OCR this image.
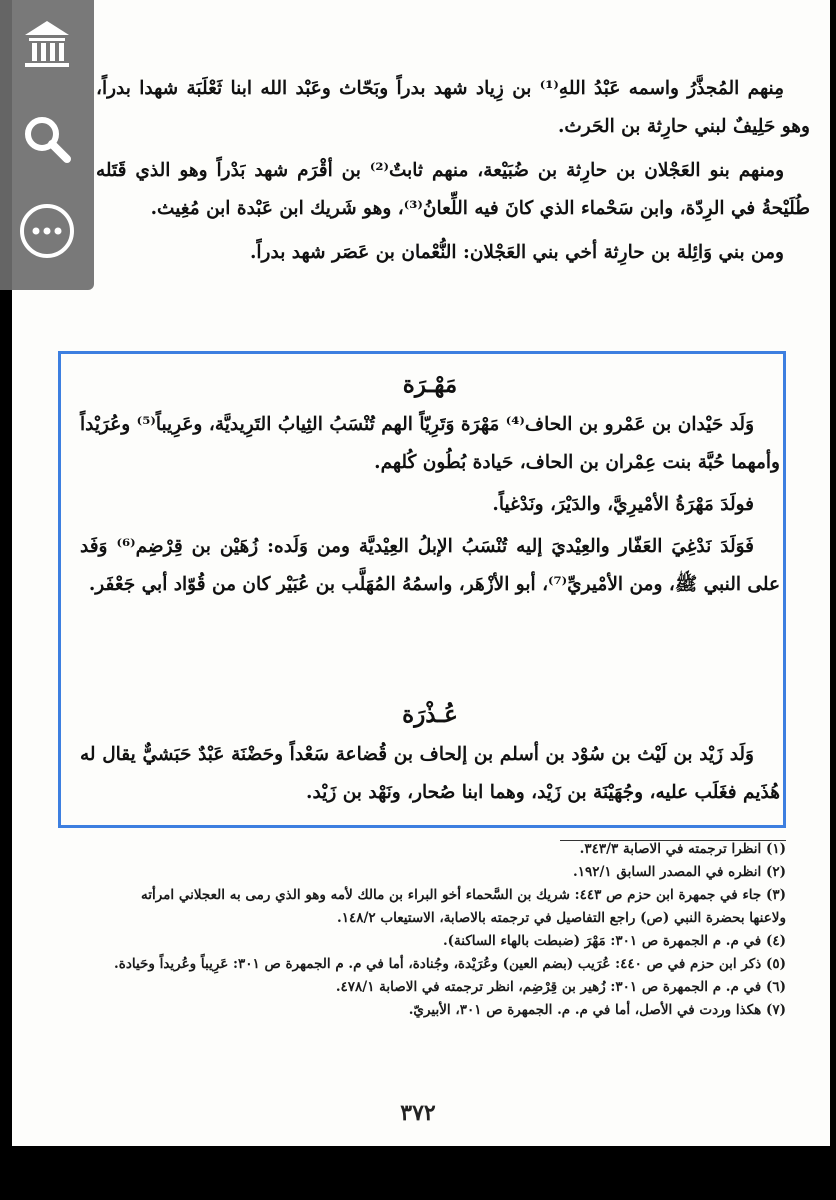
مِنهم المُجذَّرُ واسمه عَبْدُ اللهِ⁽¹⁾ بن زِياد شهد بدراً وبَحّاث وعَبْد الله ابنا ثَعْلَبَة شهدا بدراً، وهو حَلِيفٌ لبني حارِثة بن الحَرث.

ومنهم بنو العَجْلان بن حارِثة بن ضُبَيْعة، منهم ثابتٌ⁽²⁾ بن أقْرَم شهد بَدْراً وهو الذي قَتَله طُلَيْحةُ في الرِدّة، وابن سَحْماء الذي كانَ فيه اللِّعانُ⁽³⁾، وهو شَريك ابن عَبْدة ابن مُغِيث.

ومن بني وَائِلة بن حارِثة أخي بني العَجْلان: النُّعْمان بن عَصَر شهد بدراً.

مَهْـرَة

وَلَد حَيْدان بن عَمْرو بن الحاف⁽⁴⁾ مَهْرَة وَتَرِيّاً الهم تُنْسَبُ الثِيابُ التَرِيديَّة، وعَرِيباً⁽⁵⁾ وعُرَيْداً وأمهما حُبَّة بنت عِمْران بن الحاف، حَيادة بُطُون كُلهم.

فولَدَ مَهْرَةُ الأمْيرِيَّ، والدَيْرَ، ونَدْغياً.

فَوَلَدَ نَدْغِيَ العَفّار والعِيْديَ إليه تُنْسَبُ الإبلُ العِيْديَّة ومن وَلَده: زُهَيْن بن قِرْضِم⁽⁶⁾ وَفَد على النبي ﷺ، ومن الأمْيريِّ⁽⁷⁾، أبو الأزْهَر، واسمُهُ المُهَلَّب بن عُبَيْر كان من قُوّاد أبي جَعْفَر.

عُـذْرَة

وَلَد زَيْد بن لَيْث بن سُوْد بن أسلم بن إلحاف بن قُضاعة سَعْداً وحَضْنَة عَبْدٌ حَبَشيٌّ يقال له هُذَيم فغَلَب عليه، وجُهَيْنَة بن زَيْد، وهما ابنا صُحار، ونَهْد بن زَيْد.

(١) انظرا ترجمته في الاصابة ٣٤٣/٣.

(٢) انظره في المصدر السابق ١٩٢/١.

(٣) جاء في جمهرة ابن حزم ص ٤٤٣: شريك بن السَّحماء أخو البراء بن مالك لأمه وهو الذي رمى به العجلاني امرأته ولاعنها بحضرة النبي (ص) راجع التفاصيل في ترجمته بالاصابة، الاستيعاب ١٤٨/٢.

(٤) في م. م الجمهرة ص ٣٠١: مَهْرَ (ضبطت بالهاء الساكنة).

(٥) ذكر ابن حزم في ص ٤٤٠: عُرَيب (بضم العين) وعُرَيْدة، وجُنادة، أما في م. م الجمهرة ص ٣٠١: عَرِيباً وعُريداً وحَيادة.

(٦) في م. م الجمهرة ص ٣٠١: زُهير بن قِرْضِم، انظر ترجمته في الاصابة ٤٧٨/١.

(٧) هكذا وردت في الأصل، أما في م. م. الجمهرة ص ٣٠١، الأبيريّ.

٣٧٢
